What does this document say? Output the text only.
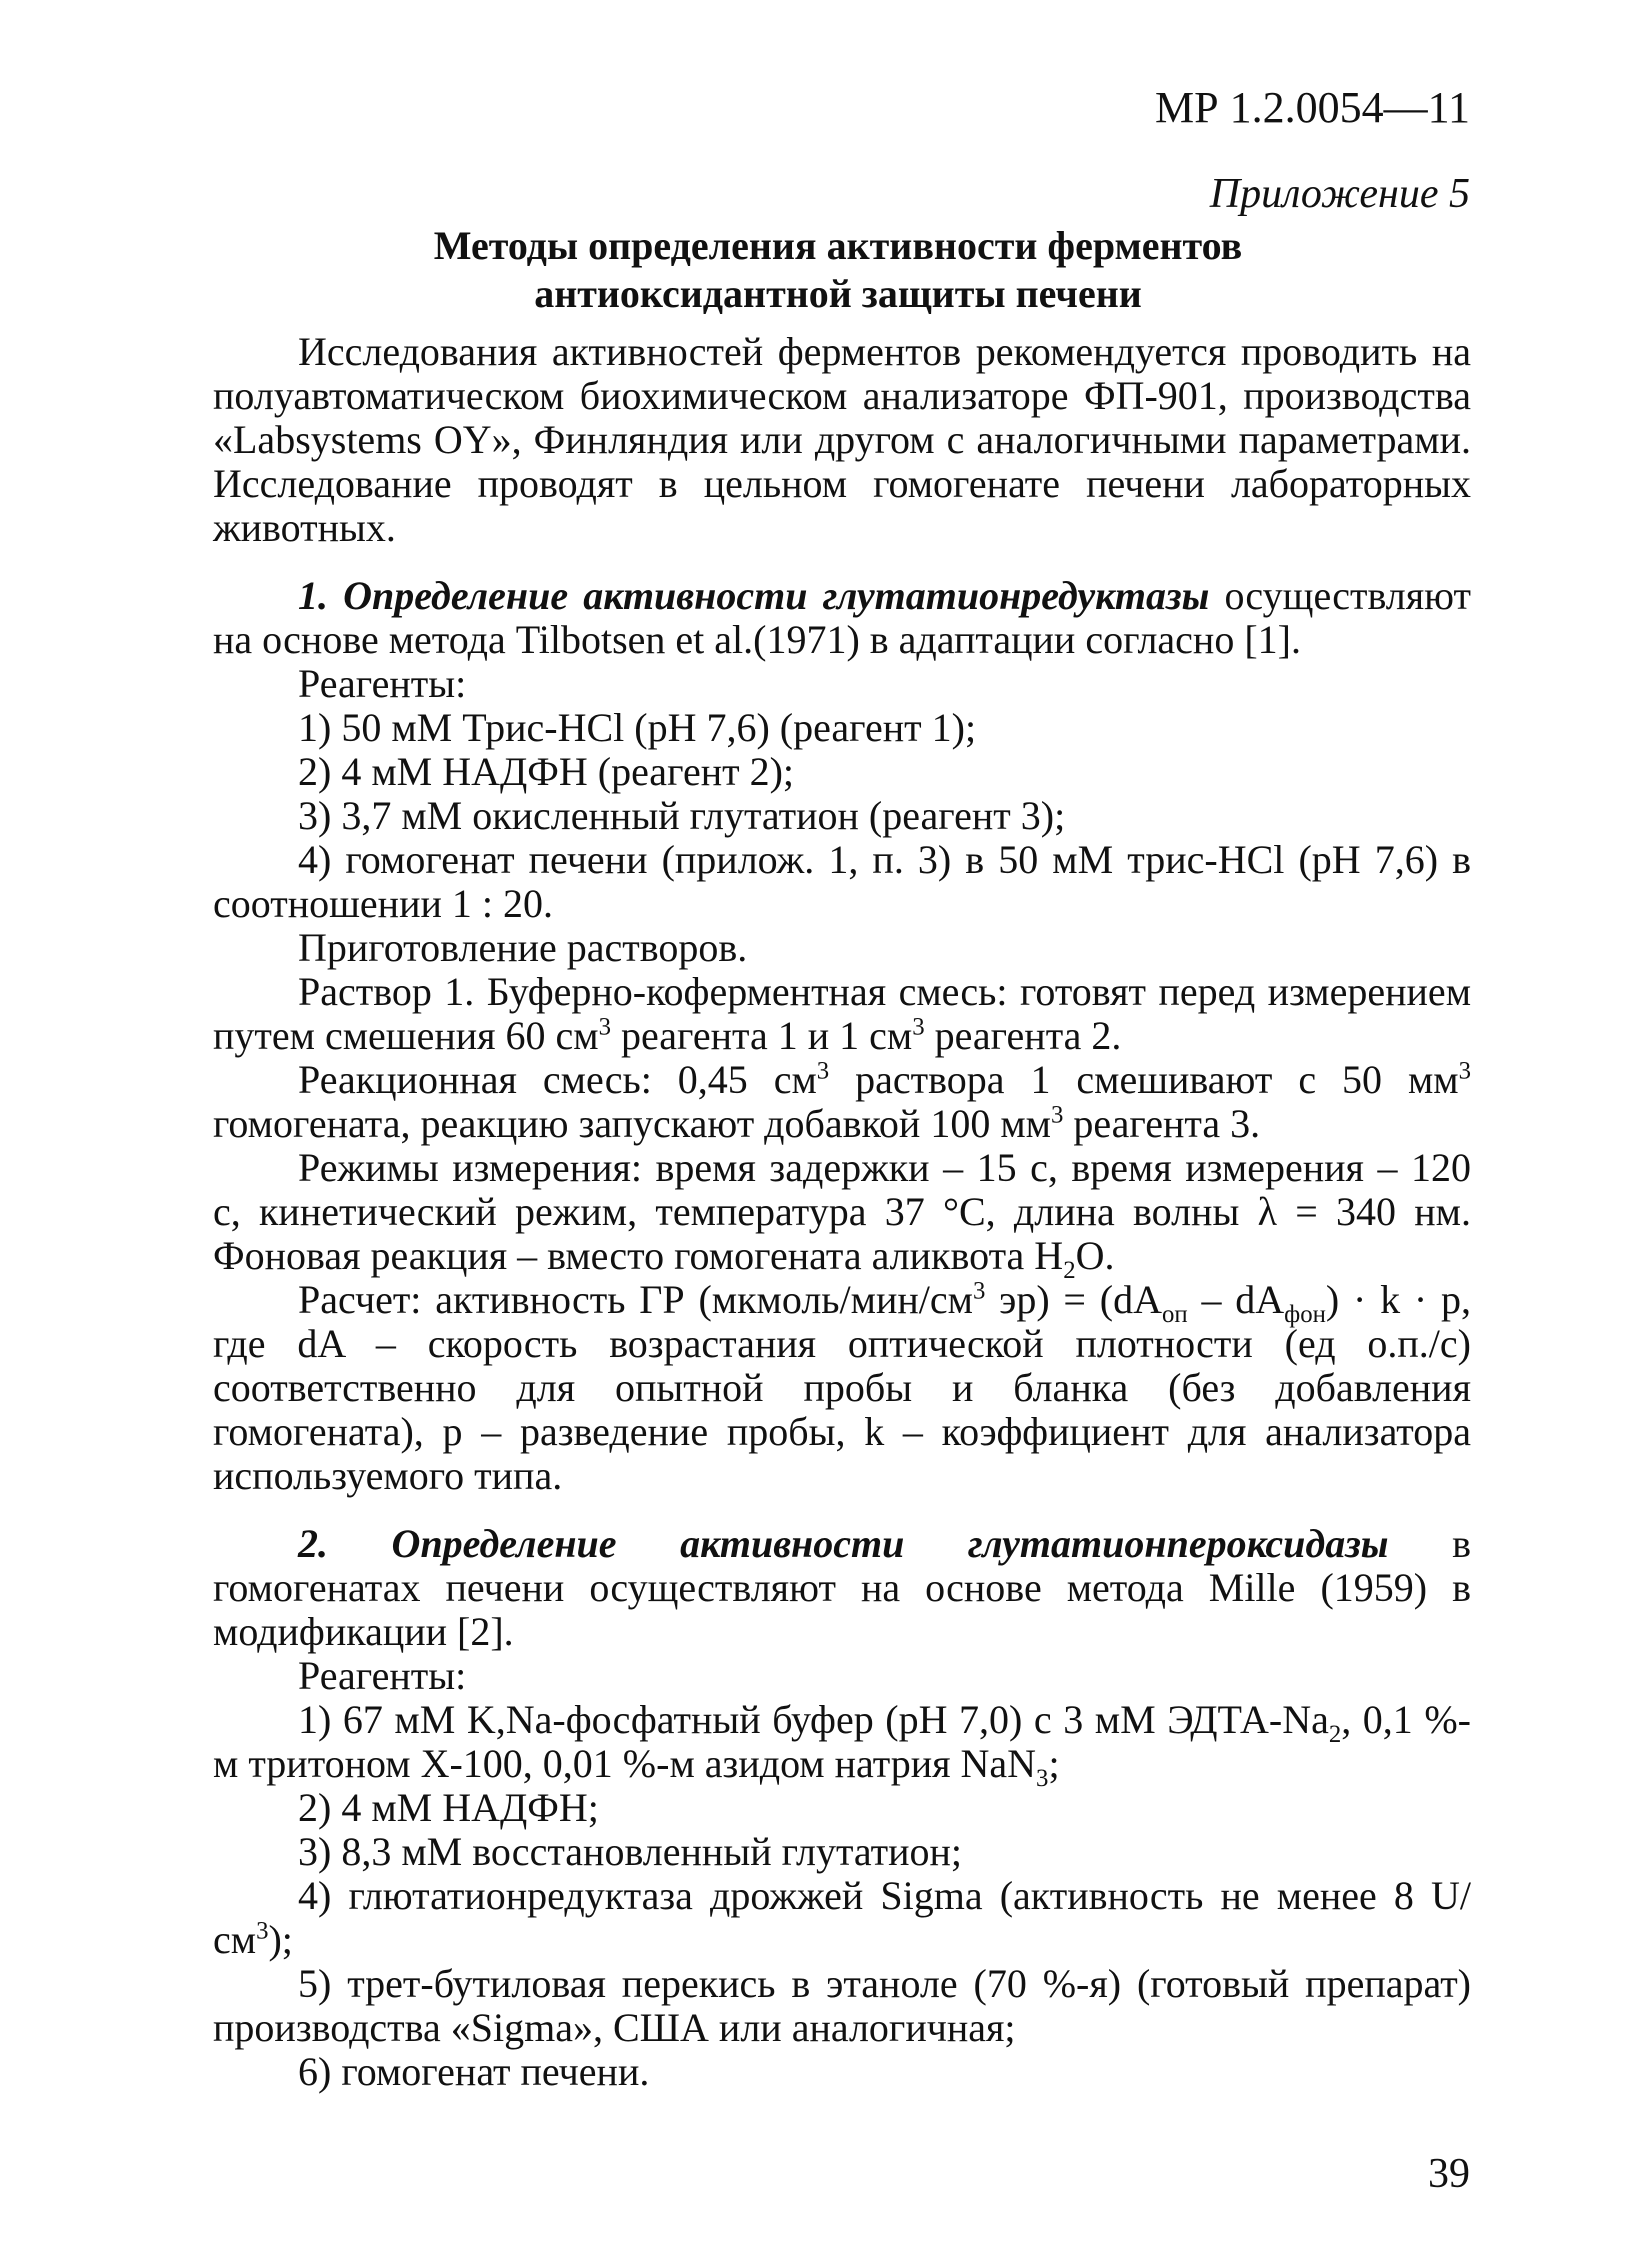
МР 1.2.0054—11
Приложение 5
Методы определения активности ферментов
антиоксидантной защиты печени

Исследования активностей ферментов рекомендуется проводить на полуавтоматическом биохимическом анализаторе ФП-901, производства «Labsystems OY», Финляндия или другом с аналогичными параметрами. Исследование проводят в цельном гомогенате печени лабораторных животных.

1. Определение активности глутатионредуктазы осуществляют на основе метода Tilbotsen et al.(1971) в адаптации согласно [1].

Реагенты:
1) 50 мМ Трис-HCl (pH 7,6) (реагент 1);
2) 4 мМ НАДФН (реагент 2);
3) 3,7 мМ окисленный глутатион (реагент 3);

4) гомогенат печени (прилож. 1, п. 3) в 50 мМ трис-HCl (pH 7,6) в соотношении 1 : 20.

Приготовление растворов.

Раствор 1. Буферно-коферментная смесь: готовят перед измерением путем смешения 60 $см^3$ реагента 1 и 1 $см^3$ реагента 2.

Реакционная смесь: 0,45 $см^3$ раствора 1 смешивают с 50 $мм^3$ гомогената, реакцию запускают добавкой 100 $мм^3$ реагента 3.

Режимы измерения: время задержки – 15 с, время измерения – 120 с, кинетический режим, температура 37 °С, длина волны λ = 340 нм. Фоновая реакция – вместо гомогената аликвота $H_2O$.

Расчет: активность ГР ($мкмоль/мин/см^3$ $эр) = (dA_{оп} - dA_{фон}) \cdot k \cdot p$, где dA – скорость возрастания оптической плотности (ед о.п./с) соответственно для опытной пробы и бланка (без добавления гомогената), p – разведение пробы, k – коэффициент для анализатора используемого типа.

2. Определение активности глутатионпероксидазы в гомогенатах печени осуществляют на основе метода Mille (1959) в модификации [2].

Реагенты:

1) 67 мМ K,Na-фосфатный буфер (pH 7,0) с 3 мМ ЭДТА-$Na_2$, 0,1 %-м тритоном X-100, 0,01 %-м азидом натрия NaN$_3$;

2) 4 мМ НАДФН;
3) 8,3 мМ восстановленный глутатион;

4) глютатионредуктаза дрожжей Sigma (активность не менее 8 $U/см^3$);

5) трет-бутиловая перекись в этаноле (70 %-я) (готовый препарат) производства «Sigma», США или аналогичная;

6) гомогенат печени.
39
